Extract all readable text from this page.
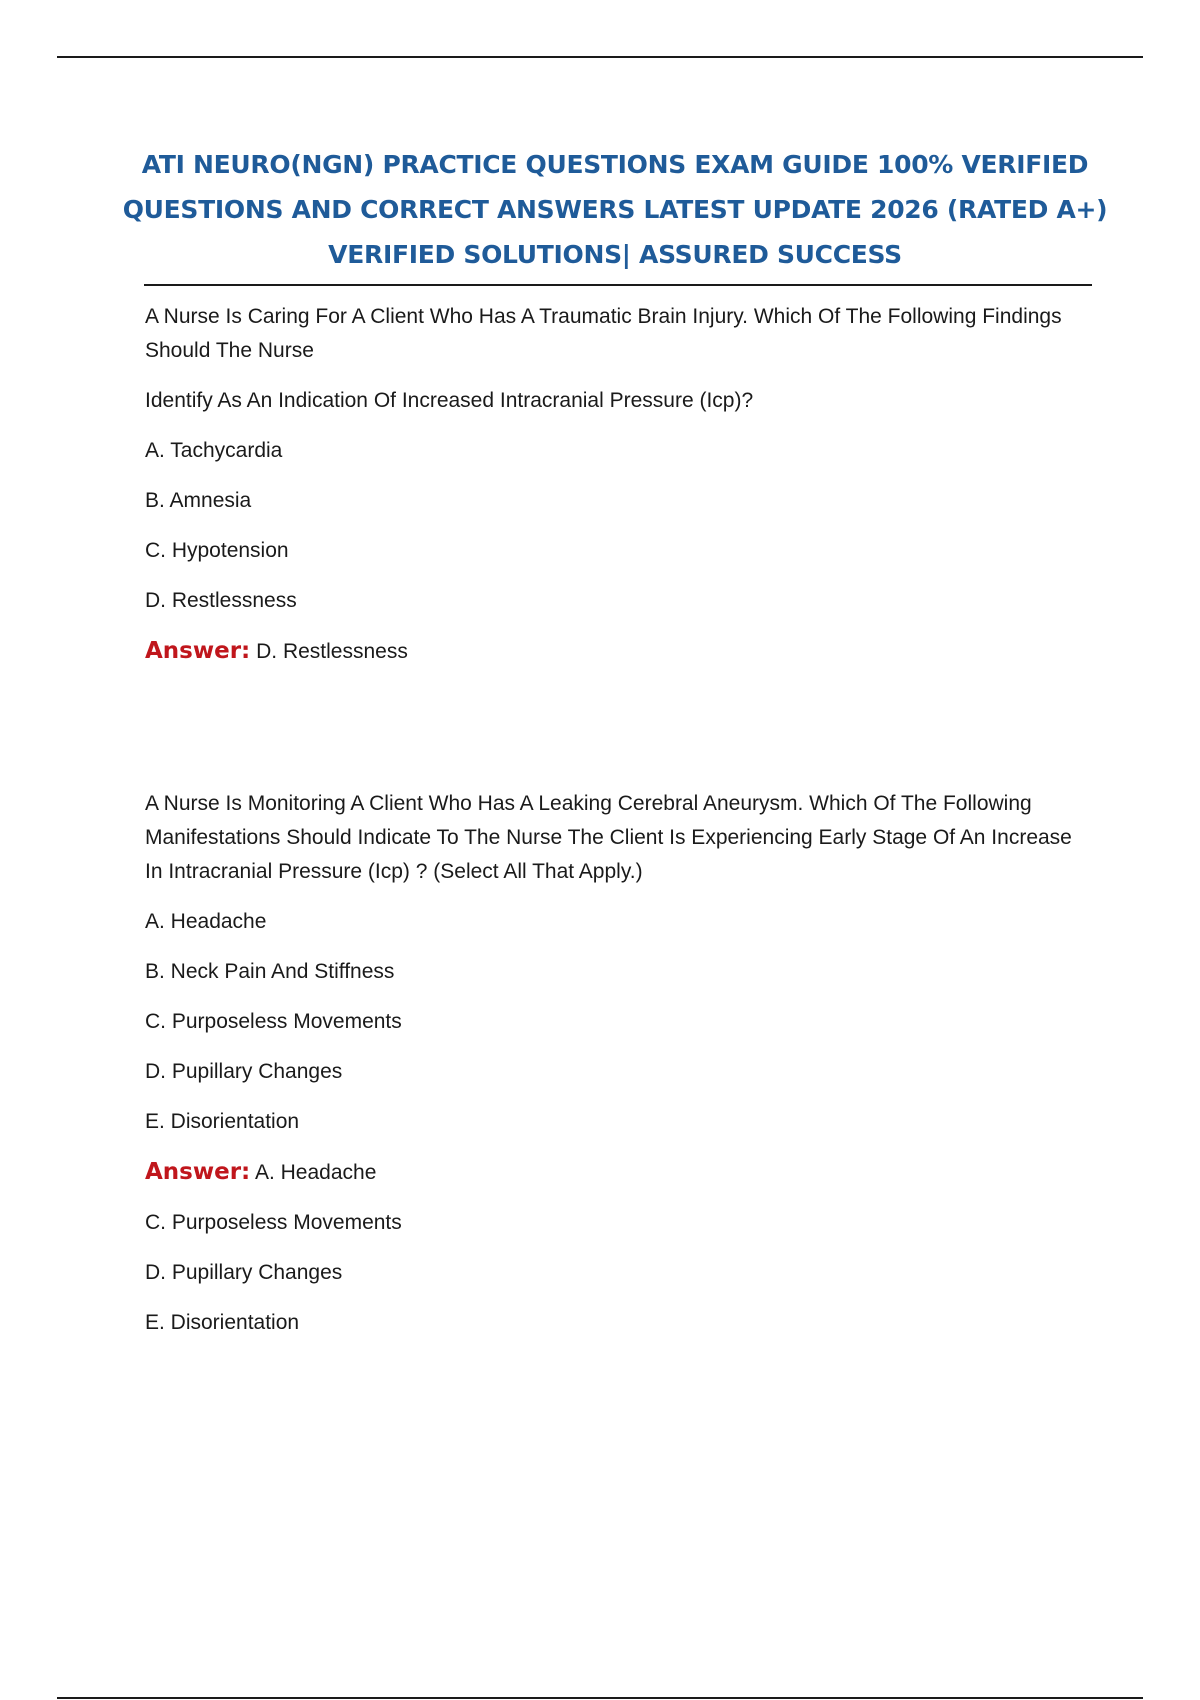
ATI NEURO(NGN) PRACTICE QUESTIONS EXAM GUIDE 100% VERIFIED QUESTIONS AND CORRECT ANSWERS LATEST UPDATE 2026 (RATED A+) VERIFIED SOLUTIONS| ASSURED SUCCESS

A Nurse Is Caring For A Client Who Has A Traumatic Brain Injury. Which Of The Following Findings Should The Nurse

Identify As An Indication Of Increased Intracranial Pressure (Icp)?

A. Tachycardia
B. Amnesia
C. Hypotension
D. Restlessness

Answer: D. Restlessness

A Nurse Is Monitoring A Client Who Has A Leaking Cerebral Aneurysm. Which Of The Following Manifestations Should Indicate To The Nurse The Client Is Experiencing Early Stage Of An Increase In Intracranial Pressure (Icp) ? (Select All That Apply.)

A. Headache
B. Neck Pain And Stiffness
C. Purposeless Movements
D. Pupillary Changes
E. Disorientation

Answer: A. Headache

C. Purposeless Movements
D. Pupillary Changes
E. Disorientation
